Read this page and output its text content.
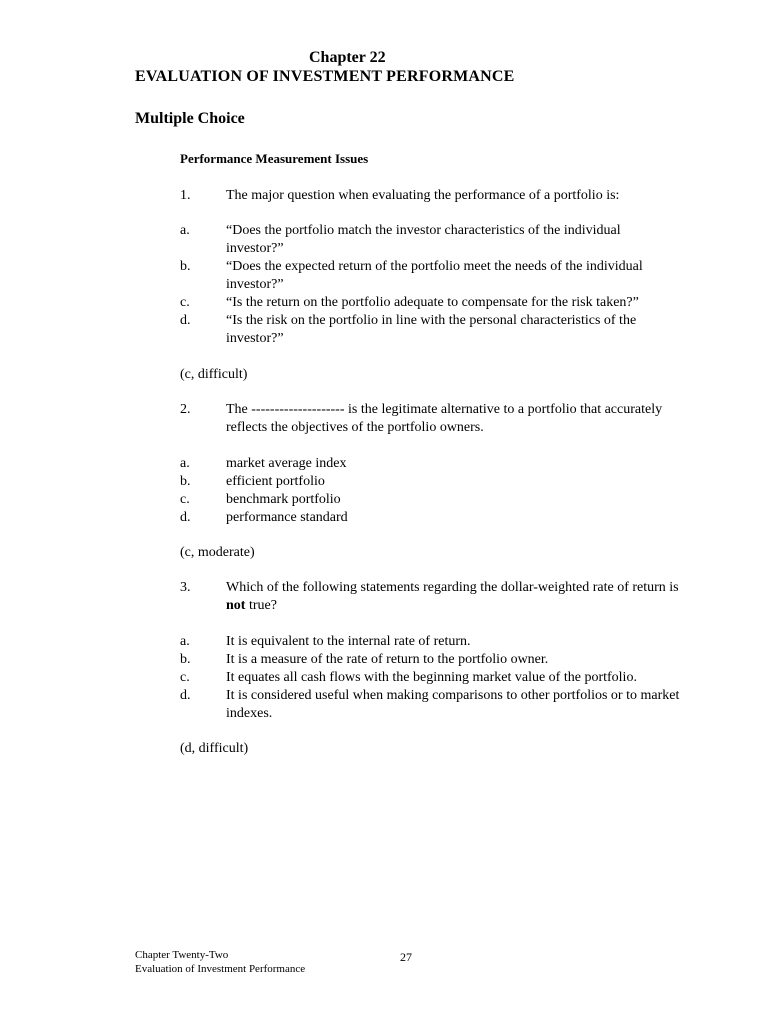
Chapter 22
EVALUATION OF INVESTMENT PERFORMANCE
Multiple Choice
Performance Measurement Issues
1.	The major question when evaluating the performance of a portfolio is:
a.	“Does the portfolio match the investor characteristics of the individual investor?”
b.	“Does the expected return of the portfolio meet the needs of the individual investor?”
c.	“Is the return on the portfolio adequate to compensate for the risk taken?”
d.	“Is the risk on the portfolio in line with the personal characteristics of the investor?”
(c, difficult)
2.	The -------------------- is the legitimate alternative to a portfolio that accurately reflects the objectives of the portfolio owners.
a.	market average index
b.	efficient portfolio
c.	benchmark portfolio
d.	performance standard
(c, moderate)
3.	Which of the following statements regarding the dollar-weighted rate of return is not true?
a.	It is equivalent to the internal rate of return.
b.	It is a measure of the rate of return to the portfolio owner.
c.	It equates all cash flows with the beginning market value of the portfolio.
d.	It is considered useful when making comparisons to other portfolios or to market indexes.
(d, difficult)
Chapter Twenty-Two
Evaluation of Investment Performance
27
